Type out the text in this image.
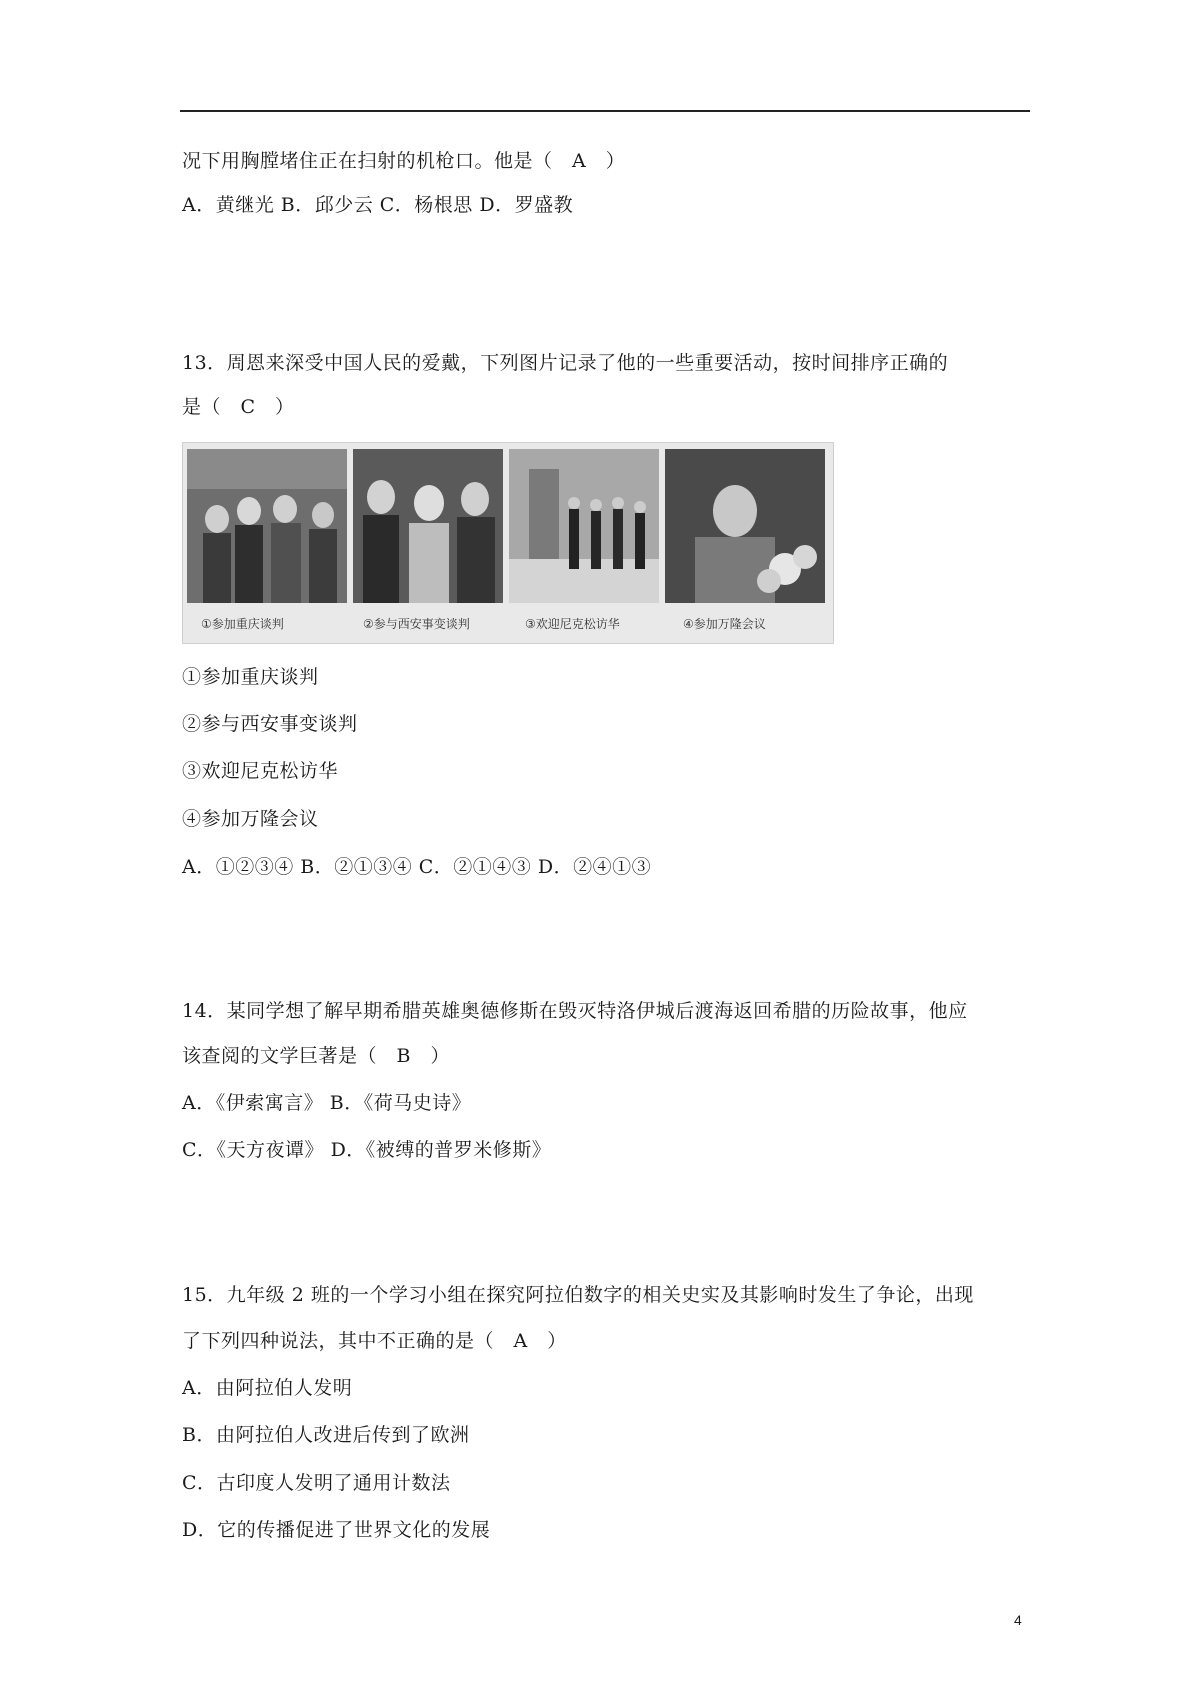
况下用胸膛堵住正在扫射的机枪口。他是（　A　）
A．黄继光 B．邱少云 C．杨根思 D．罗盛教
13．周恩来深受中国人民的爱戴，下列图片记录了他的一些重要活动，按时间排序正确的
是（　C　）
①参加重庆谈判	②参与西安事变谈判	③欢迎尼克松访华	④参加万隆会议
①参加重庆谈判
②参与西安事变谈判
③欢迎尼克松访华
④参加万隆会议
A．①②③④ B．②①③④ C．②①④③ D．②④①③
14．某同学想了解早期希腊英雄奥德修斯在毁灭特洛伊城后渡海返回希腊的历险故事，他应
该查阅的文学巨著是（　B　）
A．《伊索寓言》 B．《荷马史诗》
C．《天方夜谭》 D．《被缚的普罗米修斯》
15．九年级 2 班的一个学习小组在探究阿拉伯数字的相关史实及其影响时发生了争论，出现
了下列四种说法，其中不正确的是（　A　）
A．由阿拉伯人发明
B．由阿拉伯人改进后传到了欧洲
C．古印度人发明了通用计数法
D．它的传播促进了世界文化的发展
4
